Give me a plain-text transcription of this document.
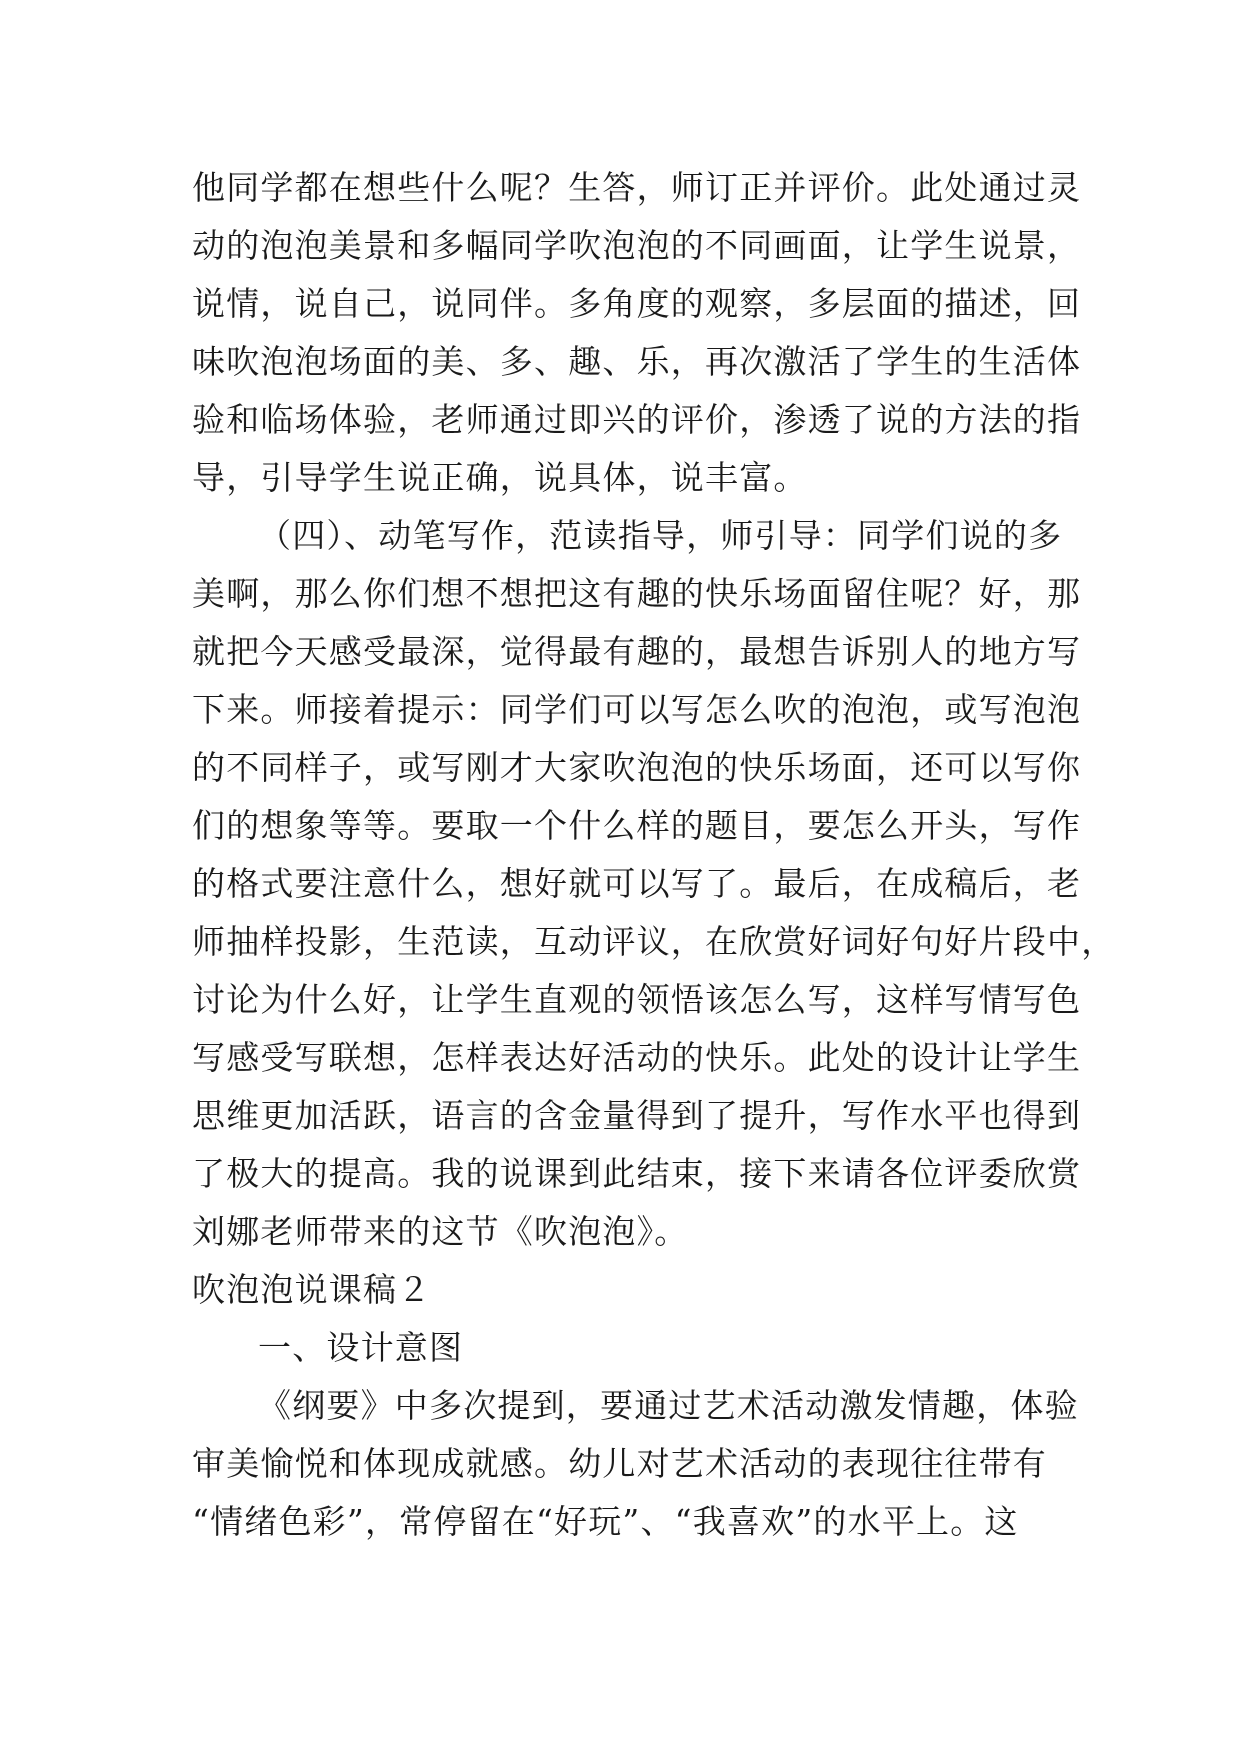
他同学都在想些什么呢？生答，师订正并评价。此处通过灵
动的泡泡美景和多幅同学吹泡泡的不同画面，让学生说景，
说情，说自己，说同伴。多角度的观察，多层面的描述，回
味吹泡泡场面的美、多、趣、乐，再次激活了学生的生活体
验和临场体验，老师通过即兴的评价，渗透了说的方法的指
导，引导学生说正确，说具体，说丰富。
（四）、动笔写作，范读指导，师引导：同学们说的多
美啊，那么你们想不想把这有趣的快乐场面留住呢？好，那
就把今天感受最深，觉得最有趣的，最想告诉别人的地方写
下来。师接着提示：同学们可以写怎么吹的泡泡，或写泡泡
的不同样子，或写刚才大家吹泡泡的快乐场面，还可以写你
们的想象等等。要取一个什么样的题目，要怎么开头，写作
的格式要注意什么，想好就可以写了。最后，在成稿后，老
师抽样投影，生范读，互动评议，在欣赏好词好句好片段中，
讨论为什么好，让学生直观的领悟该怎么写，这样写情写色
写感受写联想，怎样表达好活动的快乐。此处的设计让学生
思维更加活跃，语言的含金量得到了提升，写作水平也得到
了极大的提高。我的说课到此结束，接下来请各位评委欣赏
刘娜老师带来的这节《吹泡泡》。
吹泡泡说课稿２
一、设计意图
《纲要》中多次提到，要通过艺术活动激发情趣，体验
审美愉悦和体现成就感。幼儿对艺术活动的表现往往带有
“情绪色彩”，常停留在“好玩”、“我喜欢”的水平上。这
